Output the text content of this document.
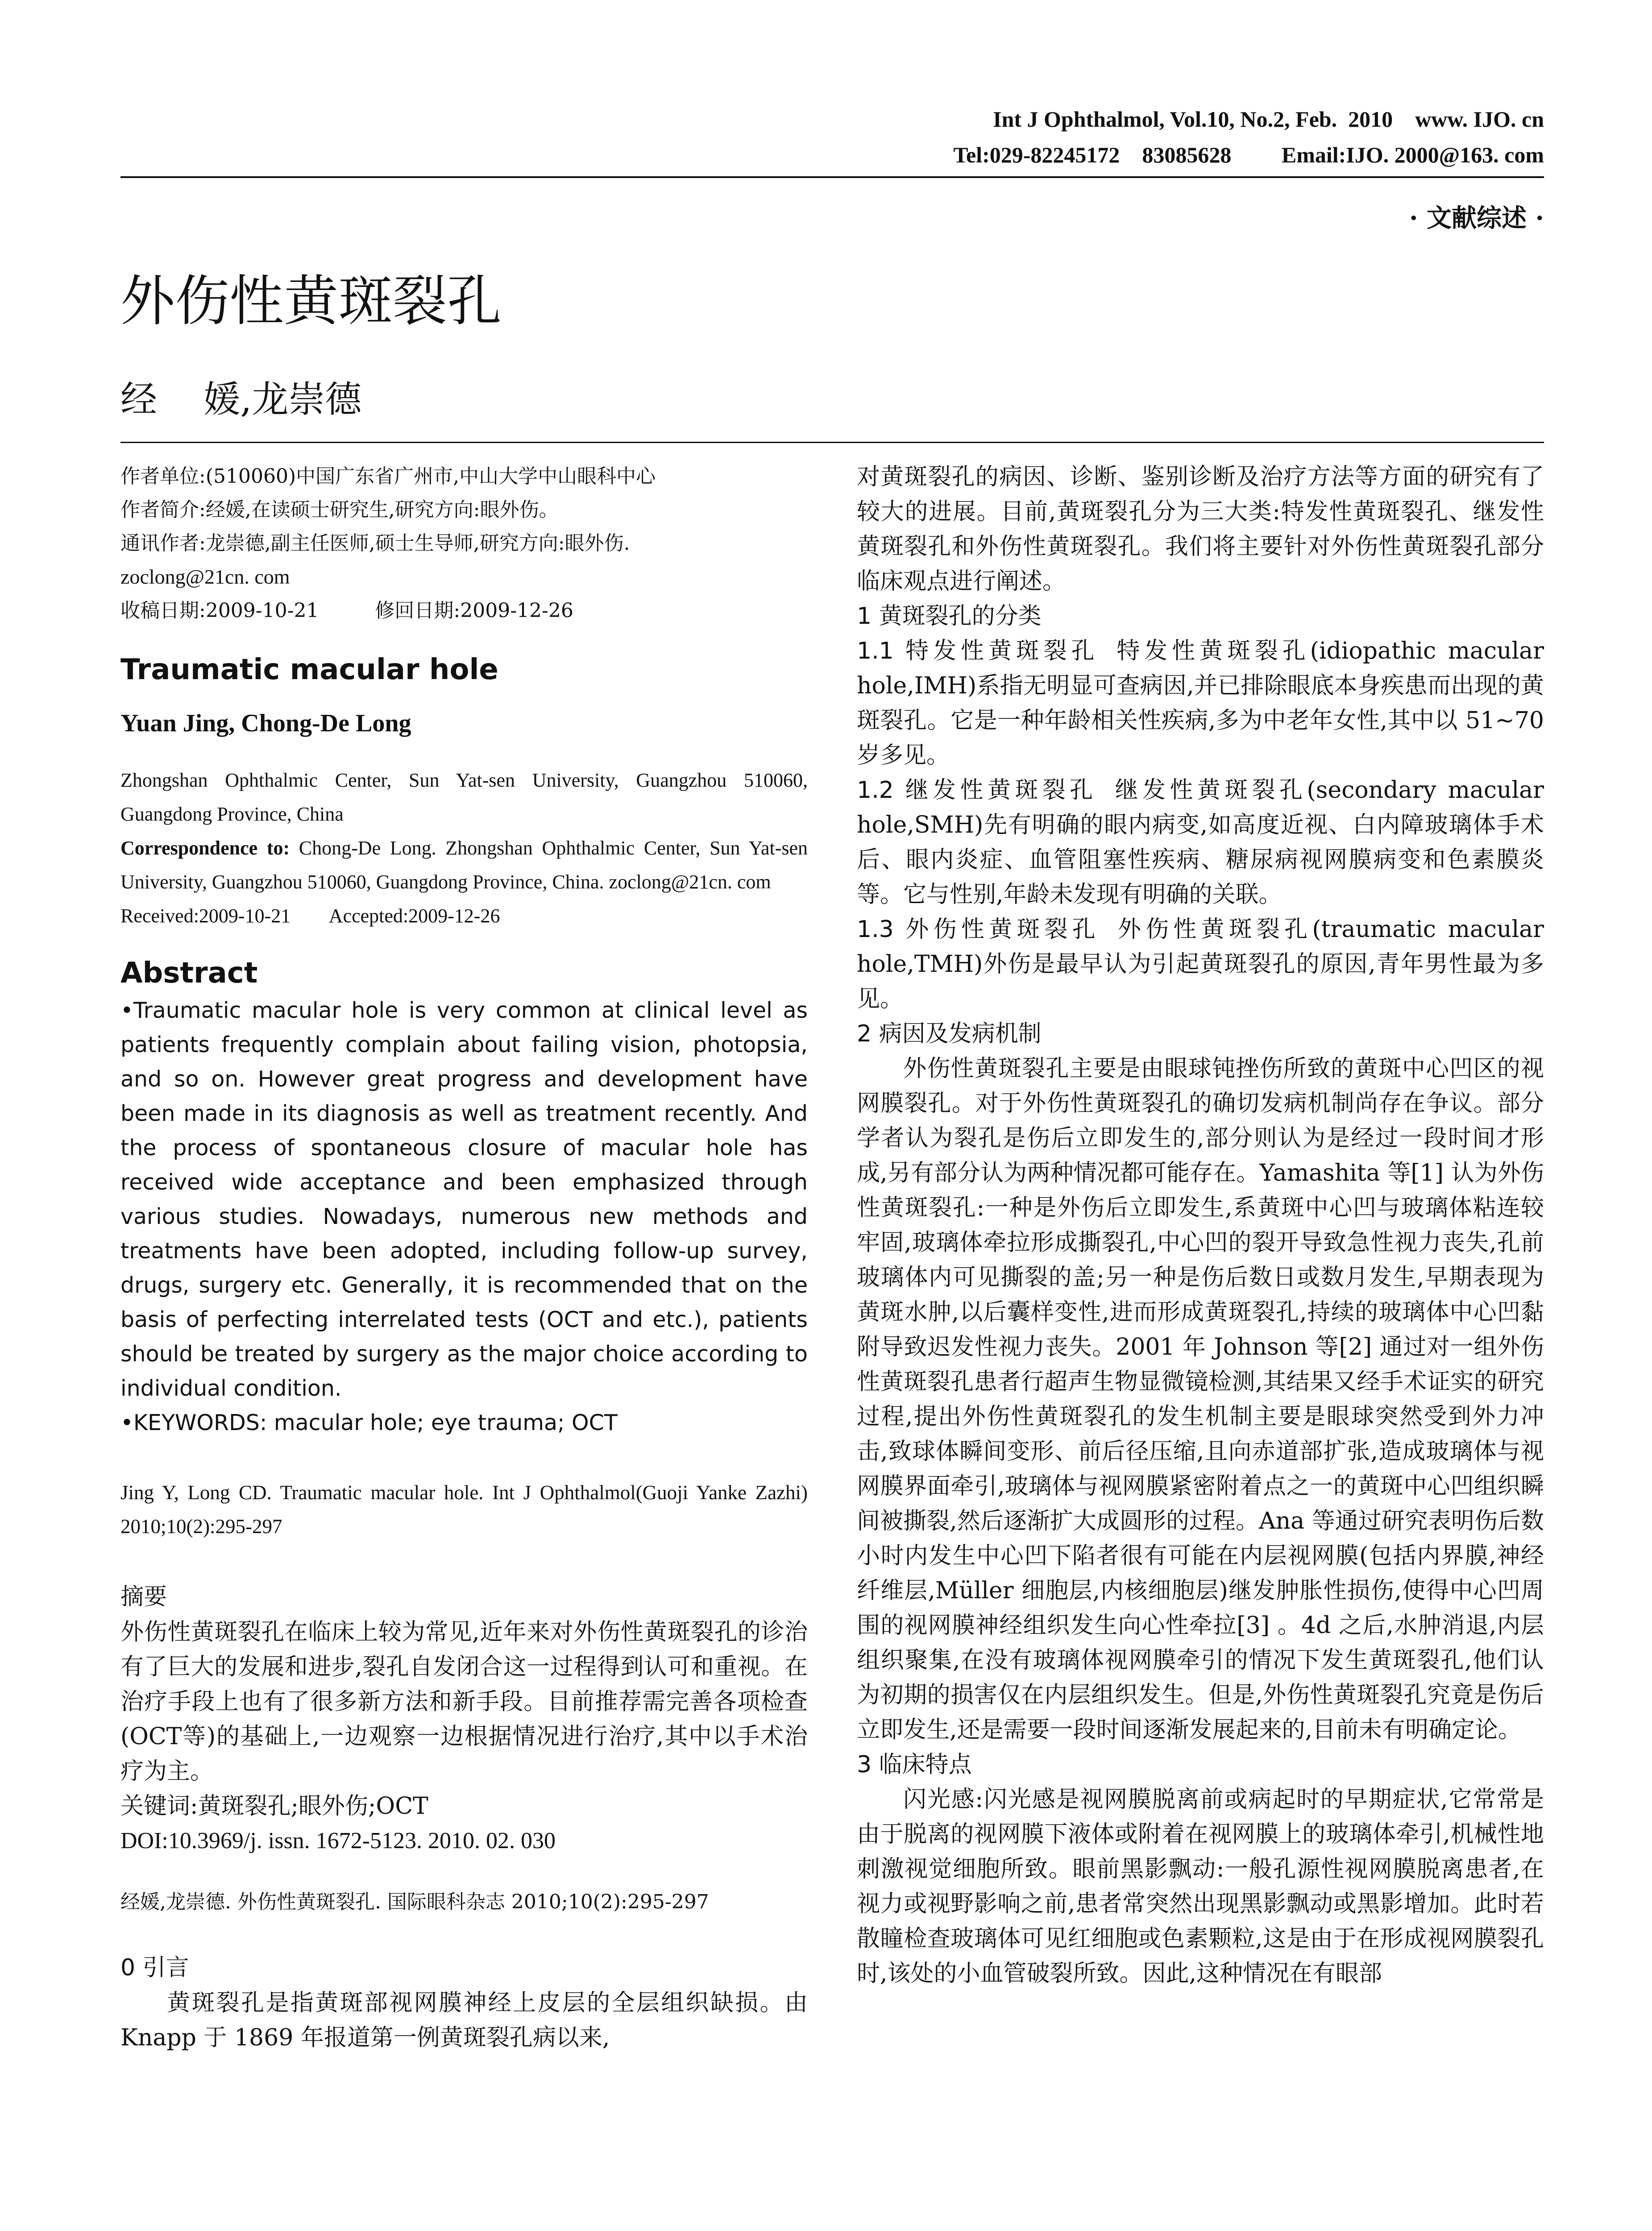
Int J Ophthalmol, Vol.10, No.2, Feb.  2010    www. IJO. cn
Tel:029-82245172    83085628         Email:IJO. 2000@163. com
· 文献综述 ·
外伤性黄斑裂孔
经    媛,龙崇德

作者单位:(510060)中国广东省广州市,中山大学中山眼科中心

作者简介:经媛,在读硕士研究生,研究方向:眼外伤。

通讯作者:龙崇德,副主任医师,硕士生导师,研究方向:眼外伤.

zoclong@21cn. com

收稿日期:2009-10-21         修回日期:2009-12-26

Traumatic macular hole

Yuan Jing, Chong-De Long

Zhongshan Ophthalmic Center, Sun Yat-sen University, Guangzhou 510060, Guangdong Province, China

Correspondence to: Chong-De Long. Zhongshan Ophthalmic Center, Sun Yat-sen University, Guangzhou 510060, Guangdong Province, China. zoclong@21cn. com

Received:2009-10-21        Accepted:2009-12-26

Abstract

•Traumatic macular hole is very common at clinical level as patients frequently complain about failing vision, photopsia, and so on. However great progress and development have been made in its diagnosis as well as treatment recently. And the process of spontaneous closure of macular hole has received wide acceptance and been emphasized through various studies. Nowadays, numerous new methods and treatments have been adopted, including follow-up survey, drugs, surgery etc. Generally, it is recommended that on the basis of perfecting interrelated tests (OCT and etc.), patients should be treated by surgery as the major choice according to individual condition.

•KEYWORDS: macular hole; eye trauma; OCT

Jing Y, Long CD. Traumatic macular hole. Int J Ophthalmol(Guoji Yanke Zazhi) 2010;10(2):295-297

摘要

外伤性黄斑裂孔在临床上较为常见,近年来对外伤性黄斑裂孔的诊治有了巨大的发展和进步,裂孔自发闭合这一过程得到认可和重视。在治疗手段上也有了很多新方法和新手段。目前推荐需完善各项检查(OCT等)的基础上,一边观察一边根据情况进行治疗,其中以手术治疗为主。

关键词:黄斑裂孔;眼外伤;OCT

DOI:10.3969/j. issn. 1672-5123. 2010. 02. 030

经媛,龙崇德. 外伤性黄斑裂孔. 国际眼科杂志 2010;10(2):295-297

0 引言

黄斑裂孔是指黄斑部视网膜神经上皮层的全层组织缺损。由 Knapp 于 1869 年报道第一例黄斑裂孔病以来,

对黄斑裂孔的病因、诊断、鉴别诊断及治疗方法等方面的研究有了较大的进展。目前,黄斑裂孔分为三大类:特发性黄斑裂孔、继发性黄斑裂孔和外伤性黄斑裂孔。我们将主要针对外伤性黄斑裂孔部分临床观点进行阐述。

1 黄斑裂孔的分类

1.1 特发性黄斑裂孔 特发性黄斑裂孔(idiopathic macular hole,IMH)系指无明显可查病因,并已排除眼底本身疾患而出现的黄斑裂孔。它是一种年龄相关性疾病,多为中老年女性,其中以 51~70 岁多见。

1.2 继发性黄斑裂孔 继发性黄斑裂孔(secondary macular hole,SMH)先有明确的眼内病变,如高度近视、白内障玻璃体手术后、眼内炎症、血管阻塞性疾病、糖尿病视网膜病变和色素膜炎等。它与性别,年龄未发现有明确的关联。

1.3 外伤性黄斑裂孔 外伤性黄斑裂孔(traumatic macular hole,TMH)外伤是最早认为引起黄斑裂孔的原因,青年男性最为多见。

2 病因及发病机制

外伤性黄斑裂孔主要是由眼球钝挫伤所致的黄斑中心凹区的视网膜裂孔。对于外伤性黄斑裂孔的确切发病机制尚存在争议。部分学者认为裂孔是伤后立即发生的,部分则认为是经过一段时间才形成,另有部分认为两种情况都可能存在。Yamashita 等[1] 认为外伤性黄斑裂孔:一种是外伤后立即发生,系黄斑中心凹与玻璃体粘连较牢固,玻璃体牵拉形成撕裂孔,中心凹的裂开导致急性视力丧失,孔前玻璃体内可见撕裂的盖;另一种是伤后数日或数月发生,早期表现为黄斑水肿,以后囊样变性,进而形成黄斑裂孔,持续的玻璃体中心凹黏附导致迟发性视力丧失。2001 年 Johnson 等[2] 通过对一组外伤性黄斑裂孔患者行超声生物显微镜检测,其结果又经手术证实的研究过程,提出外伤性黄斑裂孔的发生机制主要是眼球突然受到外力冲击,致球体瞬间变形、前后径压缩,且向赤道部扩张,造成玻璃体与视网膜界面牵引,玻璃体与视网膜紧密附着点之一的黄斑中心凹组织瞬间被撕裂,然后逐渐扩大成圆形的过程。Ana 等通过研究表明伤后数小时内发生中心凹下陷者很有可能在内层视网膜(包括内界膜,神经纤维层,Müller 细胞层,内核细胞层)继发肿胀性损伤,使得中心凹周围的视网膜神经组织发生向心性牵拉[3] 。4d 之后,水肿消退,内层组织聚集,在没有玻璃体视网膜牵引的情况下发生黄斑裂孔,他们认为初期的损害仅在内层组织发生。但是,外伤性黄斑裂孔究竟是伤后立即发生,还是需要一段时间逐渐发展起来的,目前未有明确定论。

3 临床特点

闪光感:闪光感是视网膜脱离前或病起时的早期症状,它常常是由于脱离的视网膜下液体或附着在视网膜上的玻璃体牵引,机械性地刺激视觉细胞所致。眼前黑影飘动:一般孔源性视网膜脱离患者,在视力或视野影响之前,患者常突然出现黑影飘动或黑影增加。此时若散瞳检查玻璃体可见红细胞或色素颗粒,这是由于在形成视网膜裂孔时,该处的小血管破裂所致。因此,这种情况在有眼部
